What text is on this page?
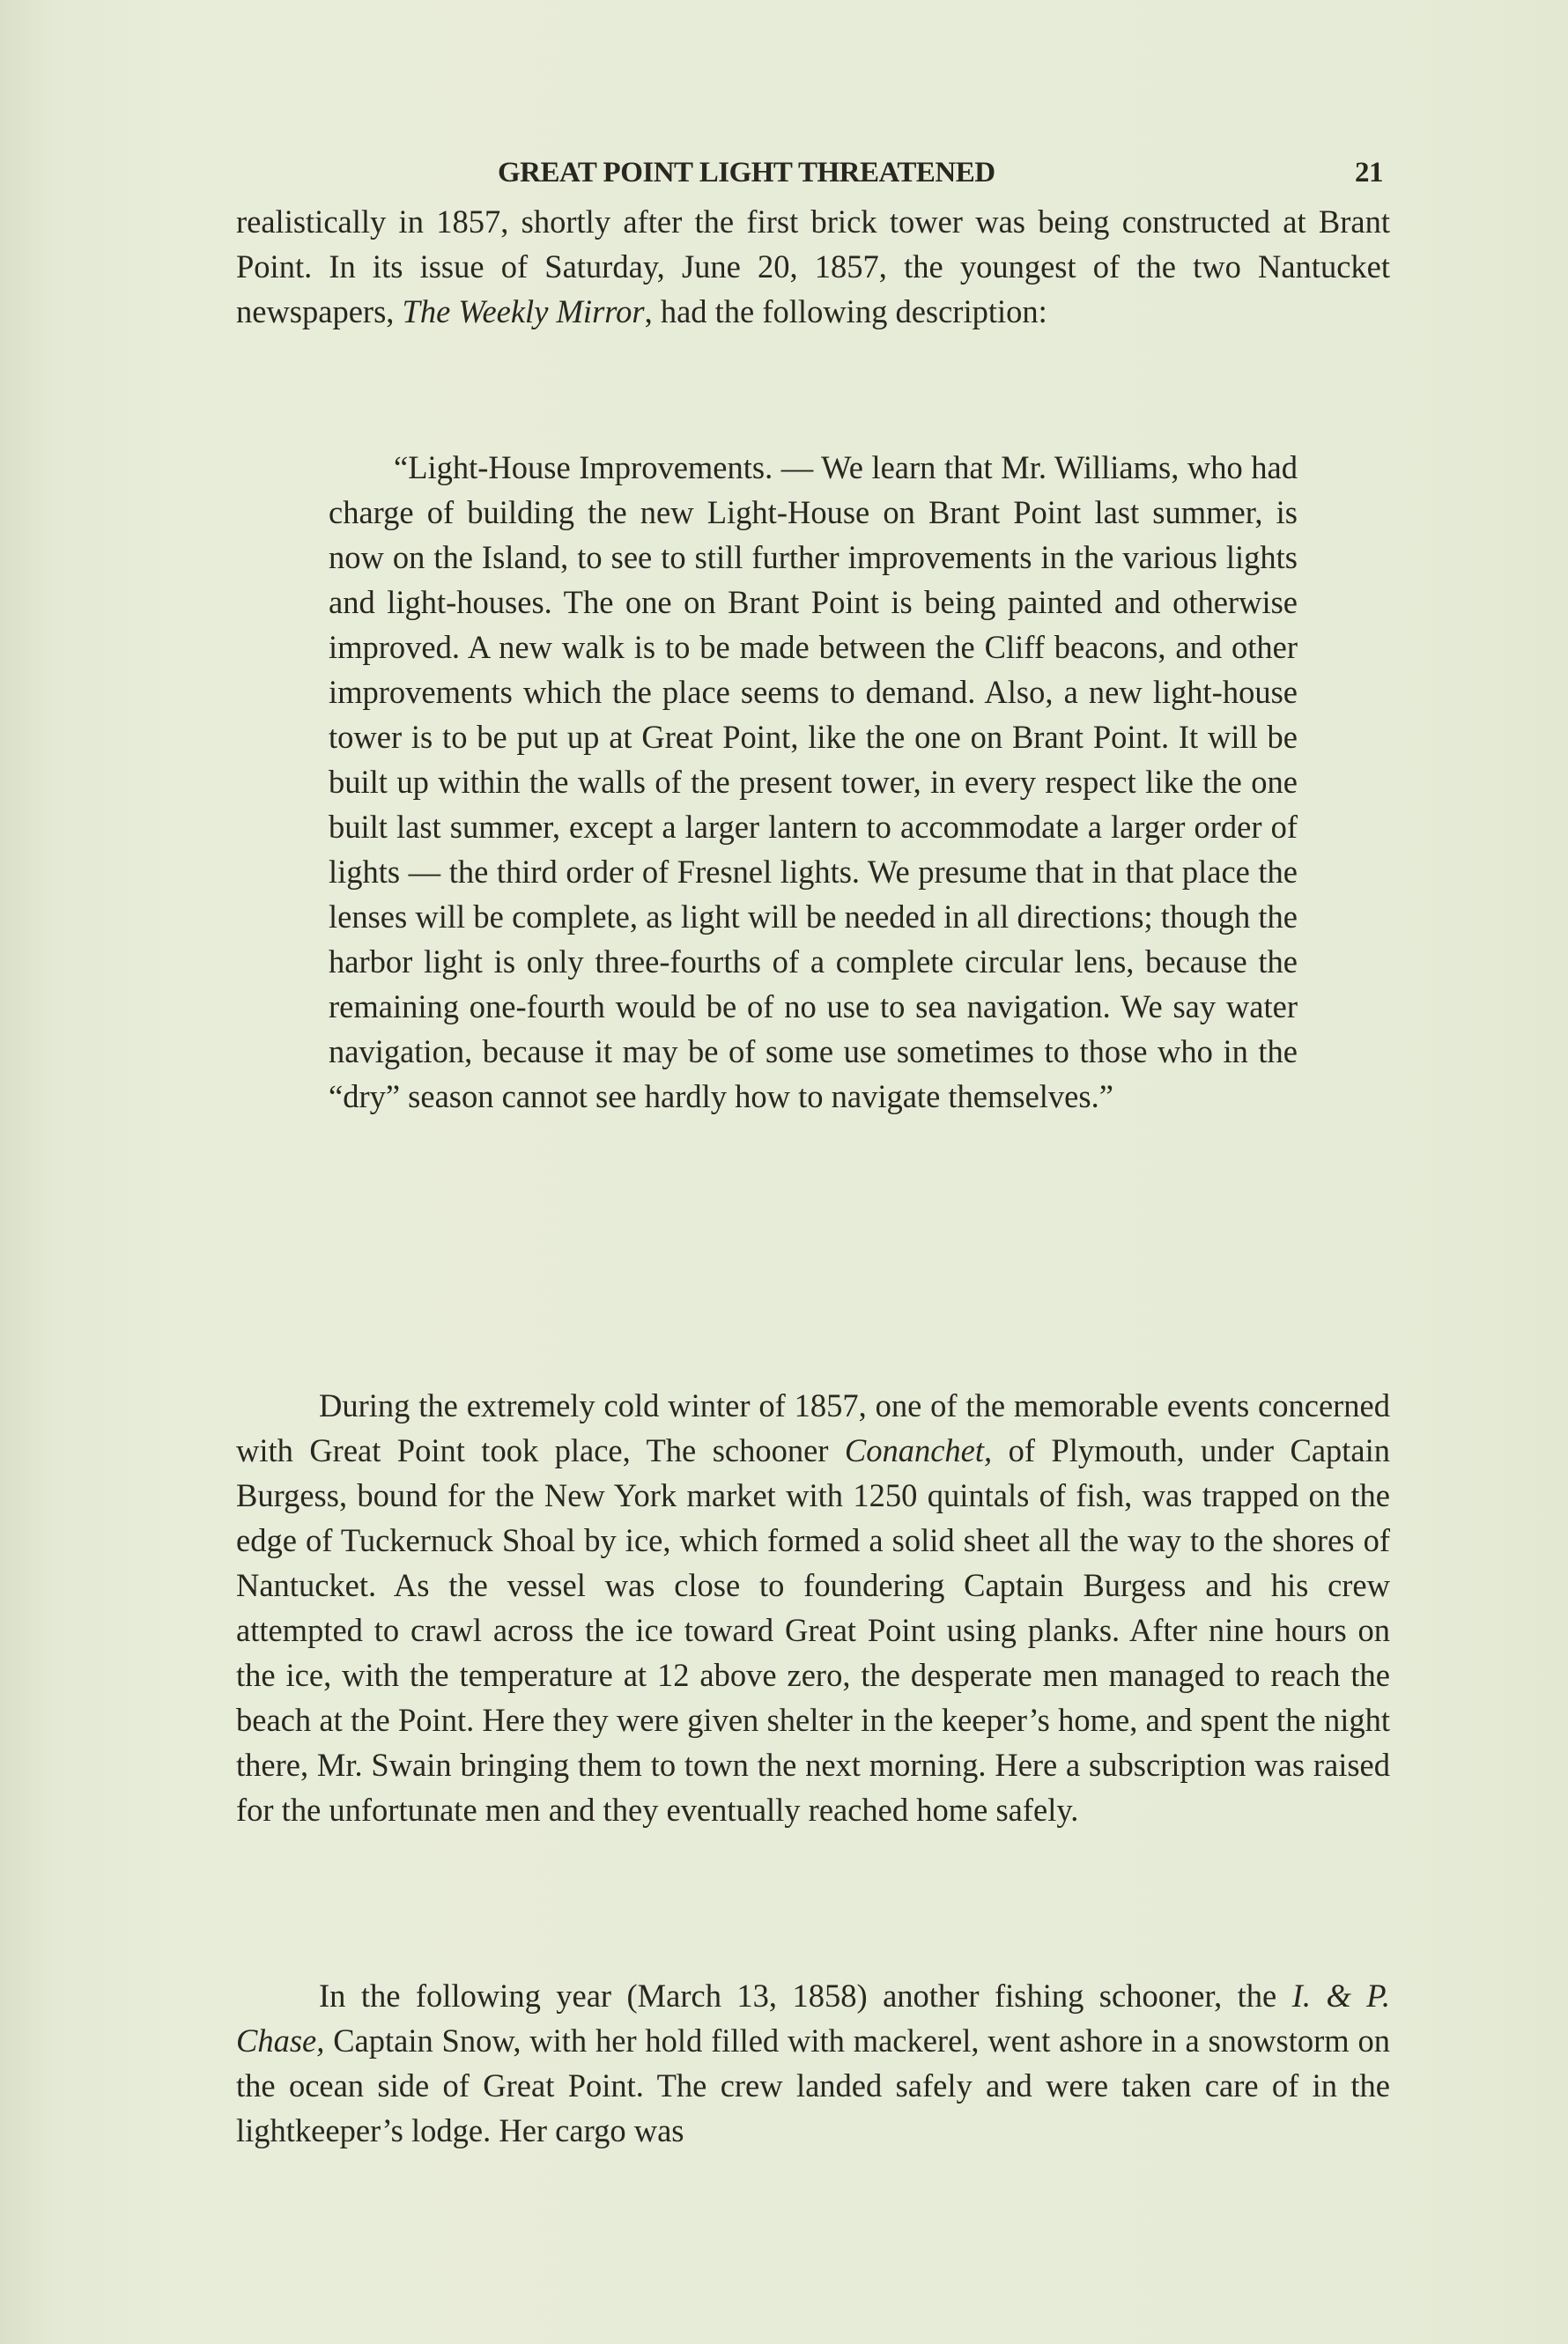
GREAT POINT LIGHT THREATENED	21

realistically in 1857, shortly after the first brick tower was being constructed at Brant Point. In its issue of Saturday, June 20, 1857, the youngest of the two Nantucket newspapers, The Weekly Mirror, had the following description:

“Light-House Improvements. — We learn that Mr. Williams, who had charge of building the new Light-House on Brant Point last summer, is now on the Island, to see to still further improvements in the various lights and light-houses. The one on Brant Point is being painted and otherwise improved. A new walk is to be made between the Cliff beacons, and other improvements which the place seems to demand. Also, a new light-house tower is to be put up at Great Point, like the one on Brant Point. It will be built up within the walls of the present tower, in every respect like the one built last summer, except a larger lantern to accommodate a larger order of lights — the third order of Fresnel lights. We presume that in that place the lenses will be complete, as light will be needed in all directions; though the harbor light is only three-fourths of a complete circular lens, because the remaining one-fourth would be of no use to sea navigation. We say water navigation, because it may be of some use sometimes to those who in the “dry” season cannot see hardly how to navigate themselves.”

During the extremely cold winter of 1857, one of the memorable events concerned with Great Point took place, The schooner Conanchet, of Plymouth, under Captain Burgess, bound for the New York market with 1250 quintals of fish, was trapped on the edge of Tuckernuck Shoal by ice, which formed a solid sheet all the way to the shores of Nantucket. As the vessel was close to foundering Captain Burgess and his crew attempted to crawl across the ice toward Great Point using planks. After nine hours on the ice, with the temperature at 12 above zero, the desperate men managed to reach the beach at the Point. Here they were given shelter in the keeper’s home, and spent the night there, Mr. Swain bringing them to town the next morning. Here a subscription was raised for the unfortunate men and they eventually reached home safely.

In the following year (March 13, 1858) another fishing schooner, the I. & P. Chase, Captain Snow, with her hold filled with mackerel, went ashore in a snowstorm on the ocean side of Great Point. The crew landed safely and were taken care of in the lightkeeper’s lodge. Her cargo was
